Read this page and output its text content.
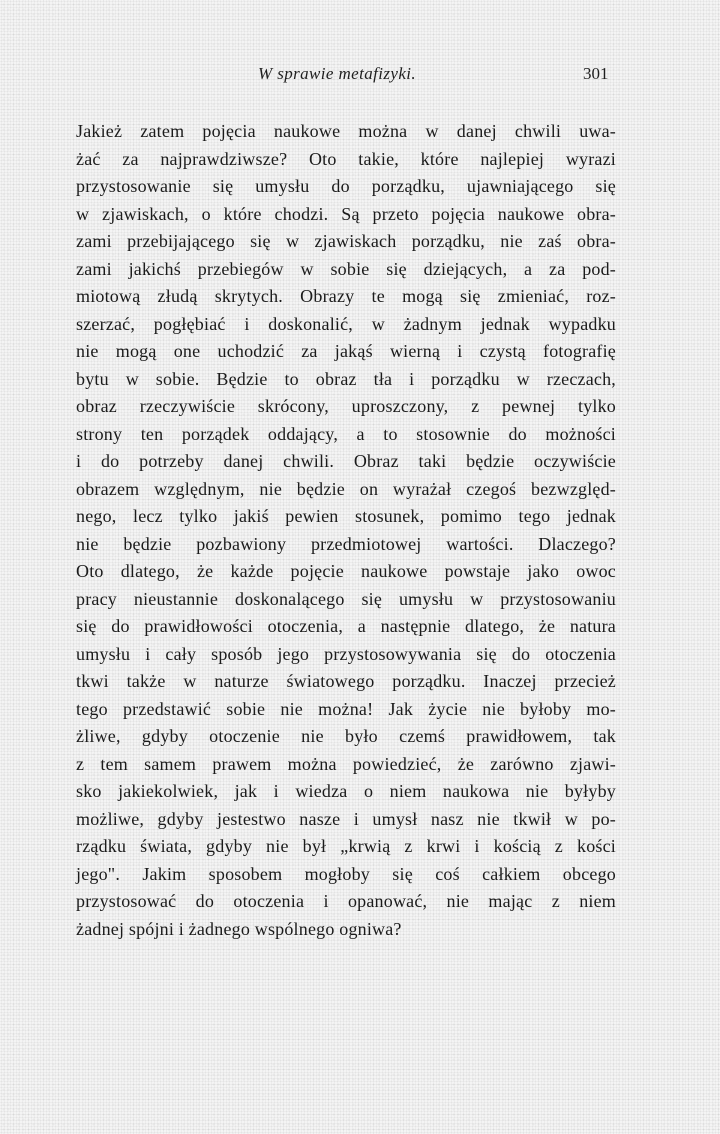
W sprawie metafizyki.	301
Jakież zatem pojęcia naukowe można w danej chwili uwa-
żać za najprawdziwsze? Oto takie, które najlepiej wyrazi
przystosowanie się umysłu do porządku, ujawniającego się
w zjawiskach, o które chodzi. Są przeto pojęcia naukowe obra-
zami przebijającego się w zjawiskach porządku, nie zaś obra-
zami jakichś przebiegów w sobie się dziejących, a za pod-
miotową złudą skrytych. Obrazy te mogą się zmieniać, roz-
szerzać, pogłębiać i doskonalić, w żadnym jednak wypadku
nie mogą one uchodzić za jakąś wierną i czystą fotografię
bytu w sobie. Będzie to obraz tła i porządku w rzeczach,
obraz rzeczywiście skrócony, uproszczony, z pewnej tylko
strony ten porządek oddający, a to stosownie do możności
i do potrzeby danej chwili. Obraz taki będzie oczywiście
obrazem względnym, nie będzie on wyrażał czegoś bezwzględ-
nego, lecz tylko jakiś pewien stosunek, pomimo tego jednak
nie będzie pozbawiony przedmiotowej wartości. Dlaczego?
Oto dlatego, że każde pojęcie naukowe powstaje jako owoc
pracy nieustannie doskonalącego się umysłu w przystosowaniu
się do prawidłowości otoczenia, a następnie dlatego, że natura
umysłu i cały sposób jego przystosowywania się do otoczenia
tkwi także w naturze światowego porządku. Inaczej przecież
tego przedstawić sobie nie można! Jak życie nie byłoby mo-
żliwe, gdyby otoczenie nie było czemś prawidłowem, tak
z tem samem prawem można powiedzieć, że zarówno zjawi-
sko jakiekolwiek, jak i wiedza o niem naukowa nie byłyby
możliwe, gdyby jestestwo nasze i umysł nasz nie tkwił w po-
rządku świata, gdyby nie był „krwią z krwi i kością z kości
jego". Jakim sposobem mogłoby się coś całkiem obcego
przystosować do otoczenia i opanować, nie mając z niem
żadnej spójni i żadnego wspólnego ogniwa?
